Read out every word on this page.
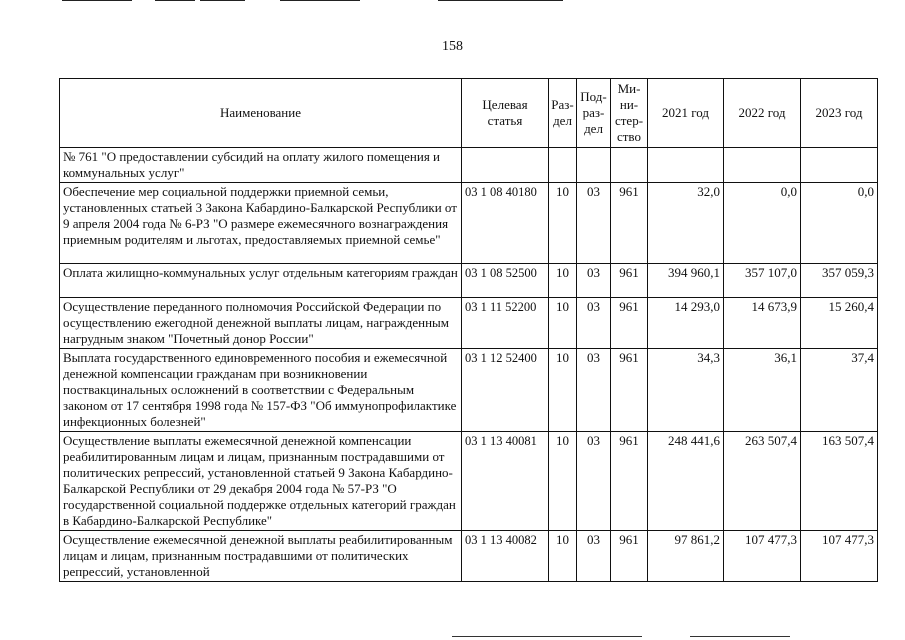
158
Наименование	Целевая статья	Раз- дел	Под- раз- дел	Ми- ни- стер- ство	2021 год	2022 год	2023 год
№ 761 "О предоставлении субсидий на оплату жилого помещения и коммунальных услуг"							
Обеспечение мер социальной поддержки приемной семьи, установленных статьей 3 Закона Кабардино-Балкарской Республики от 9 апреля 2004 года № 6-РЗ "О размере ежемесячного вознаграждения приемным родителям и льготах, предоставляемых приемной семье"	03 1 08 40180	10	03	961	32,0	0,0	0,0
Оплата жилищно-коммунальных услуг отдельным категориям граждан	03 1 08 52500	10	03	961	394 960,1	357 107,0	357 059,3
Осуществление переданного полномочия Российской Федерации по осуществлению ежегодной денежной выплаты лицам, награжденным нагрудным знаком "Почетный донор России"	03 1 11 52200	10	03	961	14 293,0	14 673,9	15 260,4
Выплата государственного единовременного пособия и ежемесячной денежной компенсации гражданам при возникновении поствакцинальных осложнений в соответствии с Федеральным законом от 17 сентября 1998 года № 157-ФЗ "Об иммунопрофилактике инфекционных болезней"	03 1 12 52400	10	03	961	34,3	36,1	37,4
Осуществление выплаты ежемесячной денежной компенсации реабилитированным лицам и лицам, признанным пострадавшими от политических репрессий, установленной статьей 9 Закона Кабардино-Балкарской Республики от 29 декабря 2004 года № 57-РЗ "О государственной социальной поддержке отдельных категорий граждан в Кабардино-Балкарской Республике"	03 1 13 40081	10	03	961	248 441,6	263 507,4	163 507,4
Осуществление ежемесячной денежной выплаты реабилитированным лицам и лицам, признанным пострадавшими от политических репрессий, установленной	03 1 13 40082	10	03	961	97 861,2	107 477,3	107 477,3
